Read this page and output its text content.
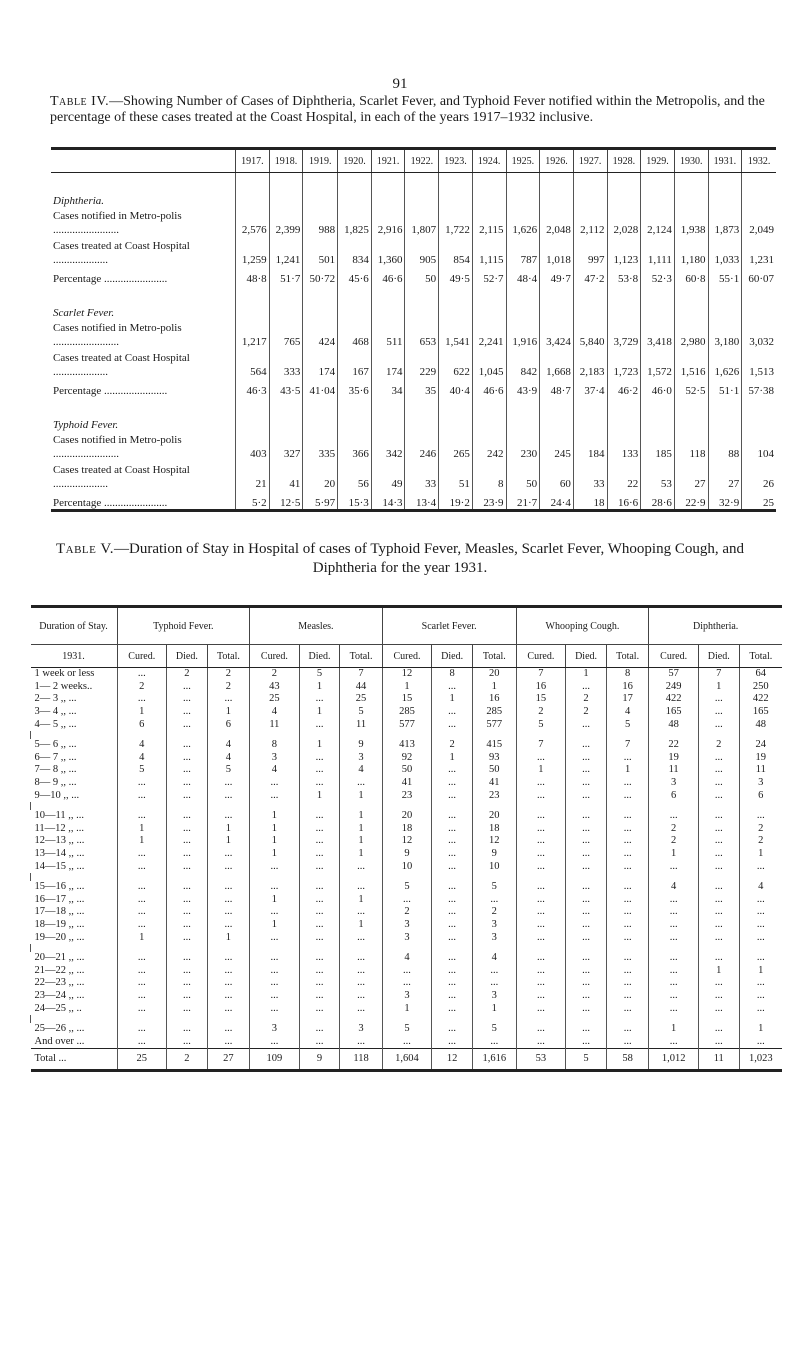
91
Table IV.—Showing Number of Cases of Diphtheria, Scarlet Fever, and Typhoid Fever notified within the Metropolis, and the percentage of these cases treated at the Coast Hospital, in each of the years 1917–1932 inclusive.
	1917.	1918.	1919.	1920.	1921.	1922.	1923.	1924.	1925.	1926.	1927.	1928.	1929.	1930.	1931.	1932.
Diphtheria.																
Cases notified in Metro-polis ........................	2,576	2,399	988	1,825	2,916	1,807	1,722	2,115	1,626	2,048	2,112	2,028	2,124	1,938	1,873	2,049
Cases treated at Coast Hospital ....................	1,259	1,241	501	834	1,360	905	854	1,115	787	1,018	997	1,123	1,111	1,180	1,033	1,231
Percentage .......................	48·8	51·7	50·72	45·6	46·6	50	49·5	52·7	48·4	49·7	47·2	53·8	52·3	60·8	55·1	60·07
Scarlet Fever.																
Cases notified in Metro-polis ........................	1,217	765	424	468	511	653	1,541	2,241	1,916	3,424	5,840	3,729	3,418	2,980	3,180	3,032
Cases treated at Coast Hospital ....................	564	333	174	167	174	229	622	1,045	842	1,668	2,183	1,723	1,572	1,516	1,626	1,513
Percentage .......................	46·3	43·5	41·04	35·6	34	35	40·4	46·6	43·9	48·7	37·4	46·2	46·0	52·5	51·1	57·38
Typhoid Fever.																
Cases notified in Metro-polis ........................	403	327	335	366	342	246	265	242	230	245	184	133	185	118	88	104
Cases treated at Coast Hospital ....................	21	41	20	56	49	33	51	8	50	60	33	22	53	27	27	26
Percentage .......................	5·2	12·5	5·97	15·3	14·3	13·4	19·2	23·9	21·7	24·4	18	16·6	28·6	22·9	32·9	25
Table V.—Duration of Stay in Hospital of cases of Typhoid Fever, Measles, Scarlet Fever, Whooping Cough, and Diphtheria for the year 1931.
Duration of Stay.	Typhoid Fever.			Measles.			Scarlet Fever.			Whooping Cough.			Diphtheria.		
1931.	Cured.	Died.	Total.	Cured.	Died.	Total.	Cured.	Died.	Total.	Cured.	Died.	Total.	Cured.	Died.	Total.
1 week or less	...	2	2	2	5	7	12	8	20	7	1	8	57	7	64
1— 2 weeks..	2	...	2	43	1	44	1	...	1	16	...	16	249	1	250
2— 3 ,, ...	...	...	...	25	...	25	15	1	16	15	2	17	422	...	422
3— 4 ,, ...	1	...	1	4	1	5	285	...	285	2	2	4	165	...	165
4— 5 ,, ...	6	...	6	11	...	11	577	...	577	5	...	5	48	...	48

5— 6 ,, ...	4	...	4	8	1	9	413	2	415	7	...	7	22	2	24
6— 7 ,, ...	4	...	4	3	...	3	92	1	93	...	...	...	19	...	19
7— 8 ,, ...	5	...	5	4	...	4	50	...	50	1	...	1	11	...	11
8— 9 ,, ...	...	...	...	...	...	...	41	...	41	...	...	...	3	...	3
9—10 ,, ...	...	...	...	...	1	1	23	...	23	...	...	...	6	...	6

10—11 ,, ...	...	...	...	1	...	1	20	...	20	...	...	...	...	...	...
11—12 ,, ...	1	...	1	1	...	1	18	...	18	...	...	...	2	...	2
12—13 ,, ...	1	...	1	1	...	1	12	...	12	...	...	...	2	...	2
13—14 ,, ...	...	...	...	1	...	1	9	...	9	...	...	...	1	...	1
14—15 ,, ...	...	...	...	...	...	...	10	...	10	...	...	...	...	...	...

15—16 ,, ...	...	...	...	...	...	...	5	...	5	...	...	...	4	...	4
16—17 ,, ...	...	...	...	1	...	1	...	...	...	...	...	...	...	...	...
17—18 ,, ...	...	...	...	...	...	...	2	...	2	...	...	...	...	...	...
18—19 ,, ...	...	...	...	1	...	1	3	...	3	...	...	...	...	...	...
19—20 ,, ...	1	...	1	...	...	...	3	...	3	...	...	...	...	...	...

20—21 ,, ...	...	...	...	...	...	...	4	...	4	...	...	...	...	...	...
21—22 ,, ...	...	...	...	...	...	...	...	...	...	...	...	...	...	1	1
22—23 ,, ...	...	...	...	...	...	...	...	...	...	...	...	...	...	...	...
23—24 ,, ...	...	...	...	...	...	...	3	...	3	...	...	...	...	...	...
24—25 ,, ..	...	...	...	...	...	...	1	...	1	...	...	...	...	...	...

25—26 ,, ...	...	...	...	3	...	3	5	...	5	...	...	...	1	...	1
And over ...	...	...	...	...	...	...	...	...	...	...	...	...	...	...	...
Total ...	25	2	27	109	9	118	1,604	12	1,616	53	5	58	1,012	11	1,023
